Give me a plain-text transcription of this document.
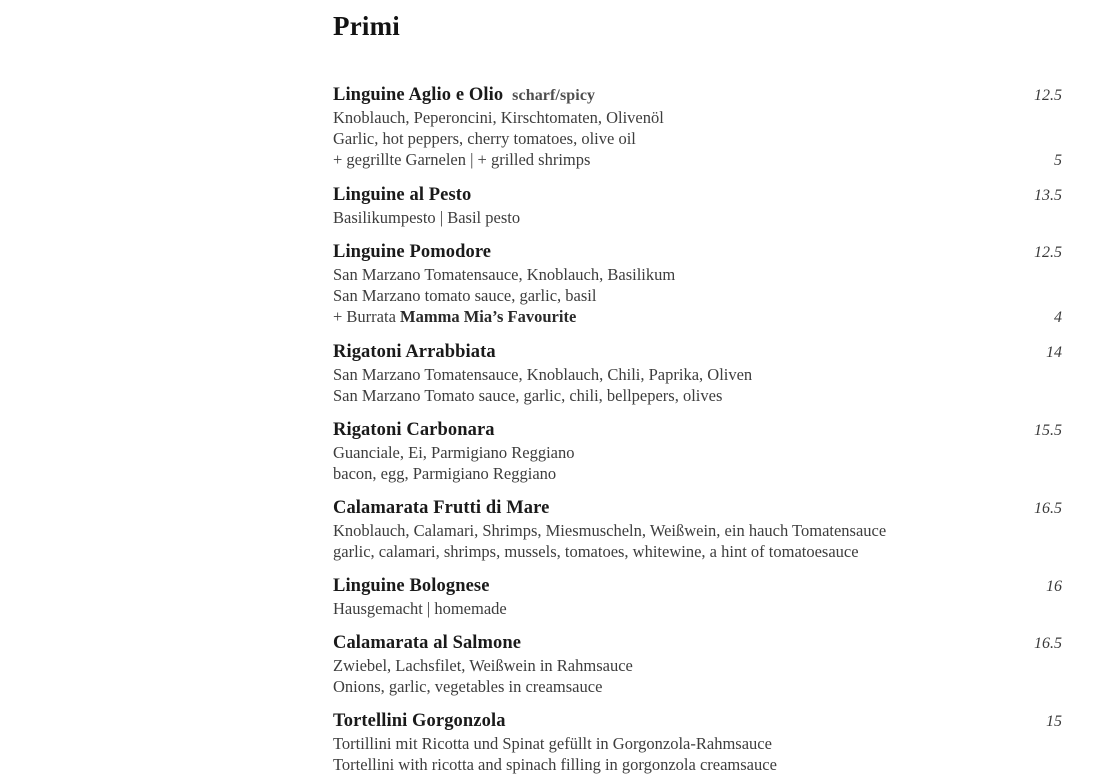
Primi
Linguine Aglio e Olio scharf/spicy	12.5

Knoblauch, Peperoncini, Kirschtomaten, Olivenöl

Garlic, hot peppers, cherry tomatoes, olive oil

+ gegrillte Garnelen | + grilled shrimps	5
Linguine al Pesto	13.5

Basilikumpesto | Basil pesto

Linguine Pomodore	12.5

San Marzano Tomatensauce, Knoblauch, Basilikum

San Marzano tomato sauce, garlic, basil

+ Burrata Mamma Mia’s Favourite	4
Rigatoni Arrabbiata	14

San Marzano Tomatensauce, Knoblauch, Chili, Paprika, Oliven

San Marzano Tomato sauce, garlic, chili, bellpepers, olives

Rigatoni Carbonara	15.5

Guanciale, Ei, Parmigiano Reggiano

bacon, egg, Parmigiano Reggiano

Calamarata Frutti di Mare	16.5

Knoblauch, Calamari, Shrimps, Miesmuscheln, Weißwein, ein hauch Tomatensauce

garlic, calamari, shrimps, mussels, tomatoes, whitewine, a hint of tomatoesauce

Linguine Bolognese	16

Hausgemacht | homemade

Calamarata al Salmone	16.5

Zwiebel, Lachsfilet, Weißwein in Rahmsauce

Onions, garlic, vegetables in creamsauce

Tortellini Gorgonzola	15

Tortillini mit Ricotta und Spinat gefüllt in Gorgonzola-Rahmsauce

Tortellini with ricotta and spinach filling in gorgonzola creamsauce
